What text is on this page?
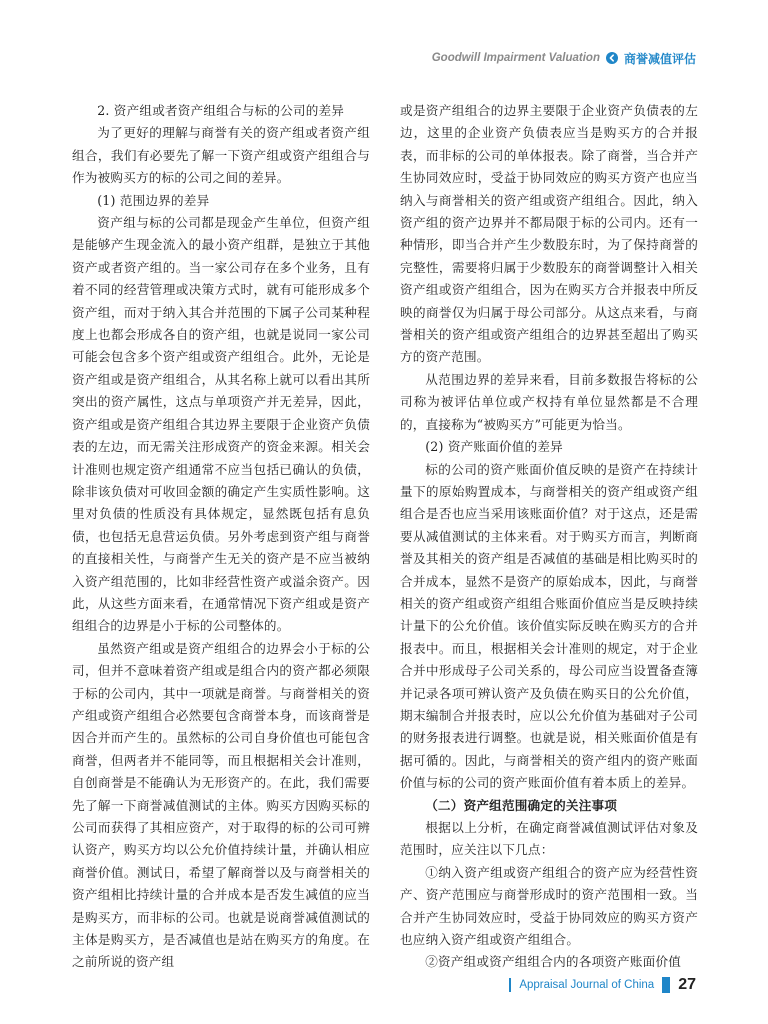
Goodwill Impairment Valuation 商誉减值评估

2. 资产组或者资产组组合与标的公司的差异

为了更好的理解与商誉有关的资产组或者资产组组合，我们有必要先了解一下资产组或资产组组合与作为被购买方的标的公司之间的差异。

(1) 范围边界的差异

资产组与标的公司都是现金产生单位，但资产组是能够产生现金流入的最小资产组群，是独立于其他资产或者资产组的。当一家公司存在多个业务，且有着不同的经营管理或决策方式时，就有可能形成多个资产组，而对于纳入其合并范围的下属子公司某种程度上也都会形成各自的资产组，也就是说同一家公司可能会包含多个资产组或资产组组合。此外，无论是资产组或是资产组组合，从其名称上就可以看出其所突出的资产属性，这点与单项资产并无差异，因此，资产组或是资产组组合其边界主要限于企业资产负债表的左边，而无需关注形成资产的资金来源。相关会计准则也规定资产组通常不应当包括已确认的负债，除非该负债对可收回金额的确定产生实质性影响。这里对负债的性质没有具体规定，显然既包括有息负债，也包括无息营运负债。另外考虑到资产组与商誉的直接相关性，与商誉产生无关的资产是不应当被纳入资产组范围的，比如非经营性资产或溢余资产。因此，从这些方面来看，在通常情况下资产组或是资产组组合的边界是小于标的公司整体的。

虽然资产组或是资产组组合的边界会小于标的公司，但并不意味着资产组或是组合内的资产都必须限于标的公司内，其中一项就是商誉。与商誉相关的资产组或资产组组合必然要包含商誉本身，而该商誉是因合并而产生的。虽然标的公司自身价值也可能包含商誉，但两者并不能同等，而且根据相关会计准则，自创商誉是不能确认为无形资产的。在此，我们需要先了解一下商誉减值测试的主体。购买方因购买标的公司而获得了其相应资产，对于取得的标的公司可辨认资产，购买方均以公允价值持续计量，并确认相应商誉价值。测试日，希望了解商誉以及与商誉相关的资产组相比持续计量的合并成本是否发生减值的应当是购买方，而非标的公司。也就是说商誉减值测试的主体是购买方，是否减值也是站在购买方的角度。在之前所说的资产组

或是资产组组合的边界主要限于企业资产负债表的左边，这里的企业资产负债表应当是购买方的合并报表，而非标的公司的单体报表。除了商誉，当合并产生协同效应时，受益于协同效应的购买方资产也应当纳入与商誉相关的资产组或资产组组合。因此，纳入资产组的资产边界并不都局限于标的公司内。还有一种情形，即当合并产生少数股东时，为了保持商誉的完整性，需要将归属于少数股东的商誉调整计入相关资产组或资产组组合，因为在购买方合并报表中所反映的商誉仅为归属于母公司部分。从这点来看，与商誉相关的资产组或资产组组合的边界甚至超出了购买方的资产范围。

从范围边界的差异来看，目前多数报告将标的公司称为被评估单位或产权持有单位显然都是不合理的，直接称为“被购买方”可能更为恰当。

(2) 资产账面价值的差异

标的公司的资产账面价值反映的是资产在持续计量下的原始购置成本，与商誉相关的资产组或资产组组合是否也应当采用该账面价值？对于这点，还是需要从减值测试的主体来看。对于购买方而言，判断商誉及其相关的资产组是否减值的基础是相比购买时的合并成本，显然不是资产的原始成本，因此，与商誉相关的资产组或资产组组合账面价值应当是反映持续计量下的公允价值。该价值实际反映在购买方的合并报表中。而且，根据相关会计准则的规定，对于企业合并中形成母子公司关系的，母公司应当设置备查簿并记录各项可辨认资产及负债在购买日的公允价值，期末编制合并报表时，应以公允价值为基础对子公司的财务报表进行调整。也就是说，相关账面价值是有据可循的。因此，与商誉相关的资产组内的资产账面价值与标的公司的资产账面价值有着本质上的差异。

（二）资产组范围确定的关注事项

根据以上分析，在确定商誉减值测试评估对象及范围时，应关注以下几点：

①纳入资产组或资产组组合的资产应为经营性资产、资产范围应与商誉形成时的资产范围相一致。当合并产生协同效应时，受益于协同效应的购买方资产也应纳入资产组或资产组组合。

②资产组或资产组组合内的各项资产账面价值

Appraisal Journal of China 27
